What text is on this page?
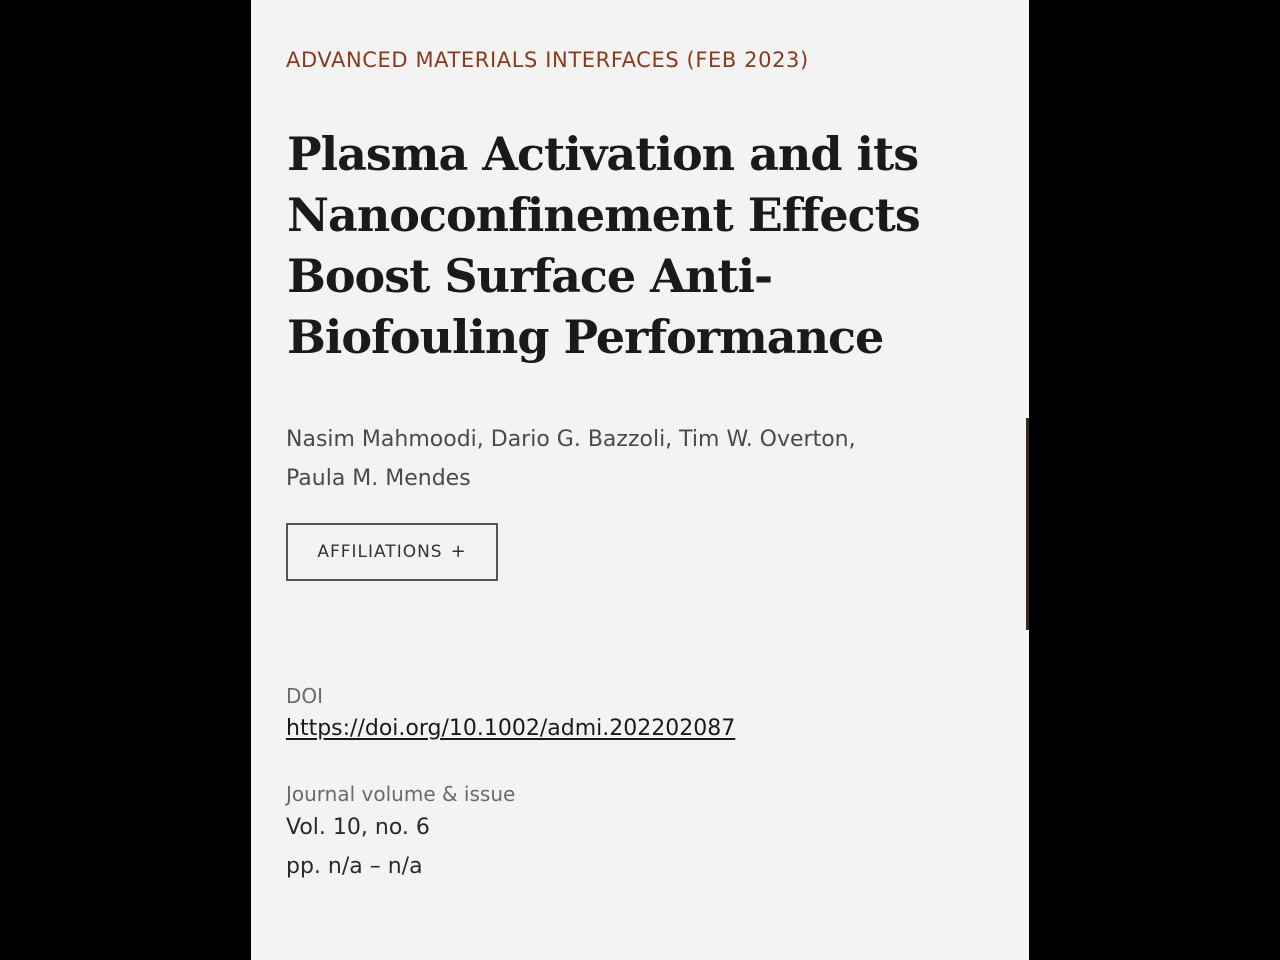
ADVANCED MATERIALS INTERFACES (FEB 2023)
Plasma Activation and its Nanoconfinement Effects Boost Surface Anti-Biofouling Performance
Nasim Mahmoodi, Dario G. Bazzoli, Tim W. Overton,
Paula M. Mendes
AFFILIATIONS +
DOI
https://doi.org/10.1002/admi.202202087
Journal volume & issue
Vol. 10, no. 6
pp. n/a – n/a
